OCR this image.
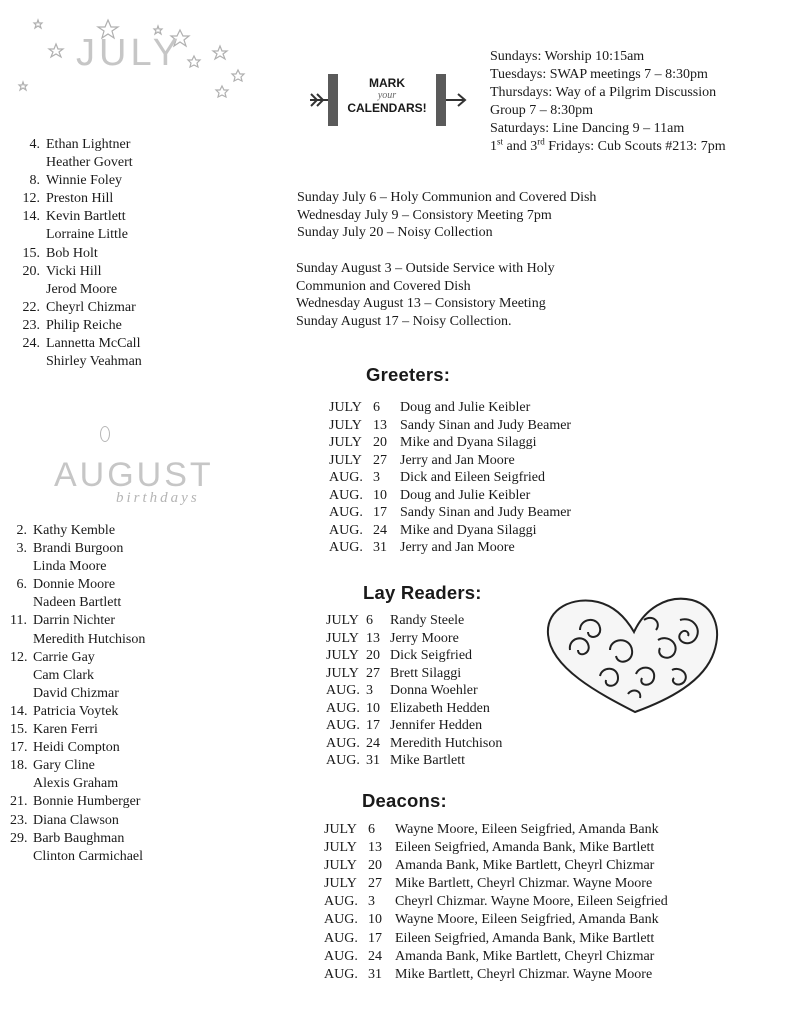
JULY
4. Ethan Lightner
Heather Govert
8. Winnie Foley
12. Preston Hill
14. Kevin Bartlett
Lorraine Little
15. Bob Holt
20. Vicki Hill
Jerod Moore
22. Cheyrl Chizmar
23. Philip Reiche
24. Lannetta McCall
Shirley Veahman
AUGUST
birthdays
2. Kathy Kemble
3. Brandi Burgoon
Linda Moore
6. Donnie Moore
Nadeen Bartlett
11. Darrin Nichter
Meredith Hutchison
12. Carrie Gay
Cam Clark
David Chizmar
14. Patricia Voytek
15. Karen Ferri
17. Heidi Compton
18. Gary Cline
Alexis Graham
21. Bonnie Humberger
23. Diana Clawson
29. Barb Baughman
Clinton Carmichael
MARK
your
CALENDARS!
Sundays: Worship 10:15am
Tuesdays: SWAP meetings 7 – 8:30pm
Thursdays: Way of a Pilgrim Discussion
Group 7 – 8:30pm
Saturdays: Line Dancing 9 – 11am
1st and 3rd Fridays: Cub Scouts #213: 7pm
Sunday July 6 – Holy Communion and Covered Dish
Wednesday July 9 – Consistory Meeting 7pm
Sunday July 20 – Noisy Collection
Sunday August 3 – Outside Service with Holy
Communion and Covered Dish
Wednesday August 13 – Consistory Meeting
Sunday August 17 – Noisy Collection.
Greeters:
JULY 6	Doug and Julie Keibler
JULY 13 Sandy Sinan and Judy Beamer
JULY 20 Mike and Dyana Silaggi
JULY 27 Jerry and Jan Moore
AUG. 3	Dick and Eileen Seigfried
AUG. 10 Doug and Julie Keibler
AUG. 17 Sandy Sinan and Judy Beamer
AUG. 24 Mike and Dyana Silaggi
AUG. 31 Jerry and Jan Moore
Lay Readers:
JULY 6	Randy Steele
JULY 13 Jerry Moore
JULY 20 Dick Seigfried
JULY 27 Brett Silaggi
AUG. 3	Donna Woehler
AUG. 10 Elizabeth Hedden
AUG. 17 Jennifer Hedden
AUG. 24 Meredith Hutchison
AUG. 31 Mike Bartlett
Deacons:
JULY 6	Wayne Moore, Eileen Seigfried, Amanda Bank
JULY 13 Eileen Seigfried, Amanda Bank, Mike Bartlett
JULY 20 Amanda Bank, Mike Bartlett, Cheyrl Chizmar
JULY 27 Mike Bartlett, Cheyrl Chizmar. Wayne Moore
AUG. 3	Cheyrl Chizmar. Wayne Moore, Eileen Seigfried
AUG. 10 Wayne Moore, Eileen Seigfried, Amanda Bank
AUG. 17 Eileen Seigfried, Amanda Bank, Mike Bartlett
AUG. 24 Amanda Bank, Mike Bartlett, Cheyrl Chizmar
AUG. 31 Mike Bartlett, Cheyrl Chizmar. Wayne Moore
